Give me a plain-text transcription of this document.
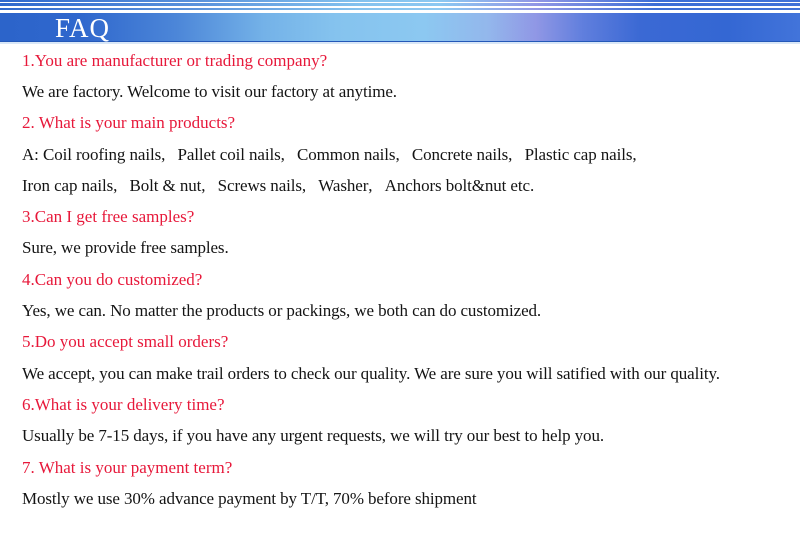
FAQ
1.You are manufacturer or trading company?
We are factory. Welcome to visit our factory at anytime.
2. What is your main products?
A: Coil roofing nails , Pallet coil nails , Common nails , Concrete nails , Plastic cap nails ,
Iron cap nails , Bolt & nut , Screws nails , Washer , Anchors bolt&nut etc.
3.Can I get free samples?
Sure, we provide free samples.
4.Can you do customized?
Yes, we can. No matter the products or packings, we both can do customized.
5.Do you accept small orders?
We accept, you can make trail orders to check our quality. We are sure you will satified with our quality.
6.What is your delivery time?
Usually be 7-15 days, if you have any urgent requests, we will try our best to help you.
7. What is your payment term?
Mostly we use 30% advance payment by T/T, 70% before shipment
